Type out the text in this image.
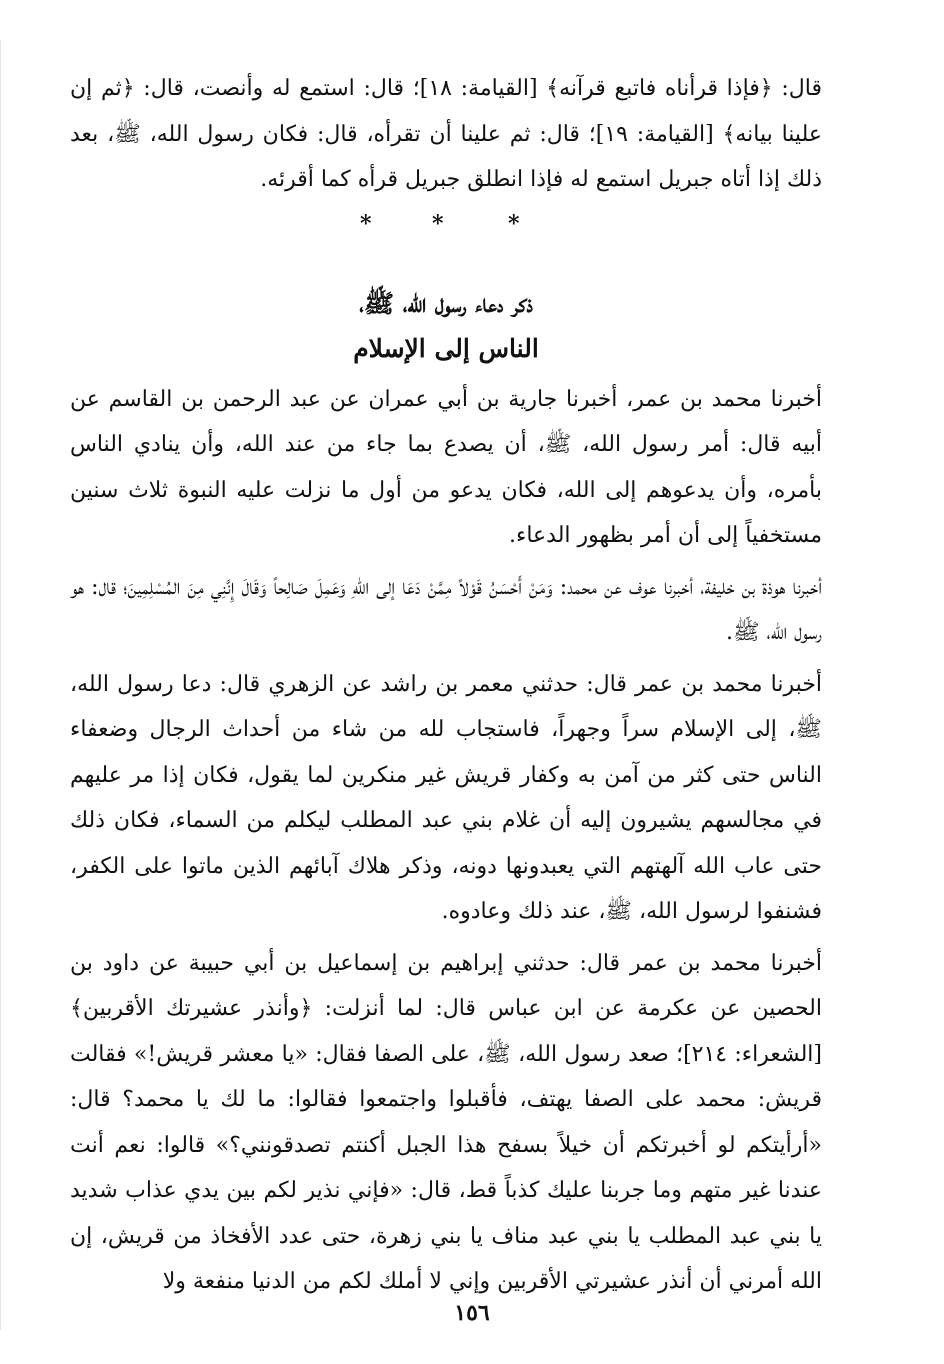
قال: ﴿فإذا قرأناه فاتبع قرآنه﴾ [القيامة: ١٨]؛ قال: استمع له وأنصت، قال: ﴿ثم إن علينا بيانه﴾ [القيامة: ١٩]؛ قال: ثم علينا أن تقرأه، قال: فكان رسول الله، ﷺ، بعد ذلك إذا أتاه جبريل استمع له فإذا انطلق جبريل قرأه كما أقرئه.

*	*	*
ذكر دعاء رسول الله، ﷺ،
الناس إلى الإسلام

أخبرنا محمد بن عمر، أخبرنا جارية بن أبي عمران عن عبد الرحمن بن القاسم عن أبيه قال: أمر رسول الله، ﷺ، أن يصدع بما جاء من عند الله، وأن ينادي الناس بأمره، وأن يدعوهم إلى الله، فكان يدعو من أول ما نزلت عليه النبوة ثلاث سنين مستخفياً إلى أن أمر بظهور الدعاء.

أخبرنا هوذة بن خليفة، أخبرنا عوف عن محمد: وَمَنْ أَحْسَنُ قَوْلاً مِمَّنْ دَعَا إلى اللهِ وَعَمِلَ صَالِحاً وَقَالَ إِنَّنِي مِنَ المُسْلِمِينَ؛ قال: هو رسول الله، ﷺ.

أخبرنا محمد بن عمر قال: حدثني معمر بن راشد عن الزهري قال: دعا رسول الله، ﷺ، إلى الإسلام سراً وجهراً، فاستجاب لله من شاء من أحداث الرجال وضعفاء الناس حتى كثر من آمن به وكفار قريش غير منكرين لما يقول، فكان إذا مر عليهم في مجالسهم يشيرون إليه أن غلام بني عبد المطلب ليكلم من السماء، فكان ذلك حتى عاب الله آلهتهم التي يعبدونها دونه، وذكر هلاك آبائهم الذين ماتوا على الكفر، فشنفوا لرسول الله، ﷺ، عند ذلك وعادوه.

أخبرنا محمد بن عمر قال: حدثني إبراهيم بن إسماعيل بن أبي حبيبة عن داود بن الحصين عن عكرمة عن ابن عباس قال: لما أنزلت: ﴿وأنذر عشيرتك الأقربين﴾ [الشعراء: ٢١٤]؛ صعد رسول الله، ﷺ، على الصفا فقال: «يا معشر قريش!» فقالت قريش: محمد على الصفا يهتف، فأقبلوا واجتمعوا فقالوا: ما لك يا محمد؟ قال: «أرأيتكم لو أخبرتكم أن خيلاً بسفح هذا الجبل أكنتم تصدقونني؟» قالوا: نعم أنت عندنا غير متهم وما جربنا عليك كذباً قط، قال: «فإني نذير لكم بين يدي عذاب شديد يا بني عبد المطلب يا بني عبد مناف يا بني زهرة، حتى عدد الأفخاذ من قريش، إن الله أمرني أن أنذر عشيرتي الأقربين وإني لا أملك لكم من الدنيا منفعة ولا

١٥٦
